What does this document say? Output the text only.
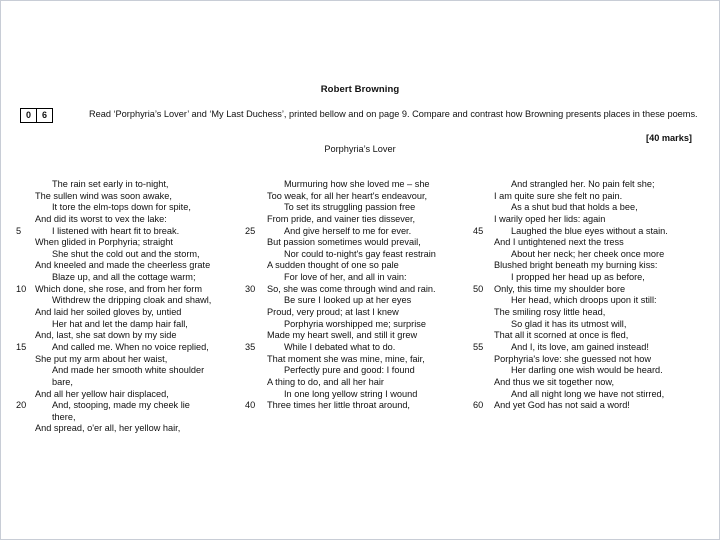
Robert Browning
0	6	Read ‘Porphyria’s Lover’ and ‘My Last Duchess’, printed bellow and on page 9. Compare and contrast how Browning presents places in these poems.
[40 marks]
Porphyria’s Lover
The rain set early in to-night,
The sullen wind was soon awake,
It tore the elm-tops down for spite,
And did its worst to vex the lake:
I listened with heart fit to break.
5
When glided in Porphyria; straight
She shut the cold out and the storm,
And kneeled and made the cheerless grate
Blaze up, and all the cottage warm;
Which done, she rose, and from her form
10
Withdrew the dripping cloak and shawl,
And laid her soiled gloves by, untied
Her hat and let the damp hair fall,
And, last, she sat down by my side
And called me. When no voice replied,
15
She put my arm about her waist,
And made her smooth white shoulder
bare,
And all her yellow hair displaced,
And, stooping, made my cheek lie
20
there,
And spread, o'er all, her yellow hair,
Murmuring how she loved me – she
Too weak, for all her heart's endeavour,
To set its struggling passion free
From pride, and vainer ties dissever,
And give herself to me for ever.
25
But passion sometimes would prevail,
Nor could to-night's gay feast restrain
A sudden thought of one so pale
For love of her, and all in vain:
So, she was come through wind and rain.
30
Be sure I looked up at her eyes
Proud, very proud; at last I knew
Porphyria worshipped me; surprise
Made my heart swell, and still it grew
While I debated what to do.
35
That moment she was mine, mine, fair,
Perfectly pure and good: I found
A thing to do, and all her hair
In one long yellow string I wound
Three times her little throat around,
40
And strangled her. No pain felt she;
I am quite sure she felt no pain.
As a shut bud that holds a bee,
I warily oped her lids: again
Laughed the blue eyes without a stain.
45
And I untightened next the tress
About her neck; her cheek once more
Blushed bright beneath my burning kiss:
I propped her head up as before,
Only, this time my shoulder bore
50
Her head, which droops upon it still:
The smiling rosy little head,
So glad it has its utmost will,
That all it scorned at once is fled,
And I, its love, am gained instead!
55
Porphyria's love: she guessed not how
Her darling one wish would be heard.
And thus we sit together now,
And all night long we have not stirred,
And yet God has not said a word!
60
